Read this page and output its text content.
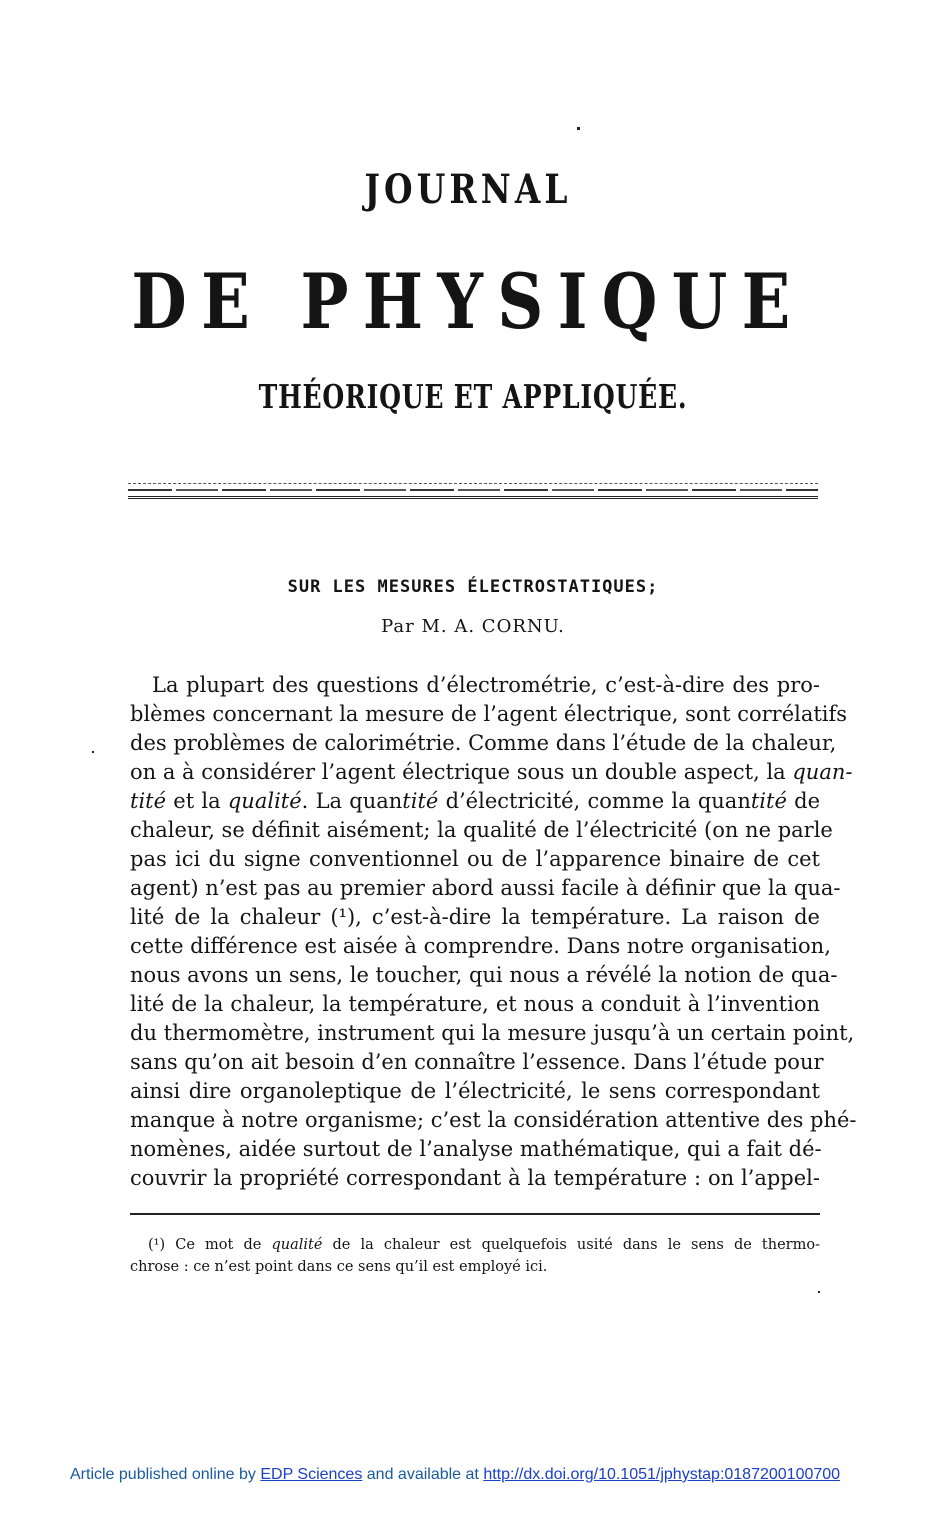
JOURNAL
DE PHYSIQUE
THÉORIQUE ET APPLIQUÉE.
SUR LES MESURES ÉLECTROSTATIQUES;
Par M. A. CORNU.

La plupart des questions d’électrométrie, c’est-à-dire des pro-

blèmes concernant la mesure de l’agent électrique, sont corrélatifs

des problèmes de calorimétrie. Comme dans l’étude de la chaleur,

on a à considérer l’agent électrique sous un double aspect, la quan-

tité et la qualité. La quantité d’électricité, comme la quantité de

chaleur, se définit aisément; la qualité de l’électricité (on ne parle

pas ici du signe conventionnel ou de l’apparence binaire de cet

agent) n’est pas au premier abord aussi facile à définir que la qua-

lité de la chaleur (¹), c’est-à-dire la température. La raison de

cette différence est aisée à comprendre. Dans notre organisation,

nous avons un sens, le toucher, qui nous a révélé la notion de qua-

lité de la chaleur, la température, et nous a conduit à l’invention

du thermomètre, instrument qui la mesure jusqu’à un certain point,

sans qu’on ait besoin d’en connaître l’essence. Dans l’étude pour

ainsi dire organoleptique de l’électricité, le sens correspondant

manque à notre organisme; c’est la considération attentive des phé-

nomènes, aidée surtout de l’analyse mathématique, qui a fait dé-

couvrir la propriété correspondant à la température : on l’appel-

(¹) Ce mot de qualité de la chaleur est quelquefois usité dans le sens de thermo-

chrose : ce n’est point dans ce sens qu’il est employé ici.

Article published online by EDP Sciences and available at http://dx.doi.org/10.1051/jphystap:0187200100700
